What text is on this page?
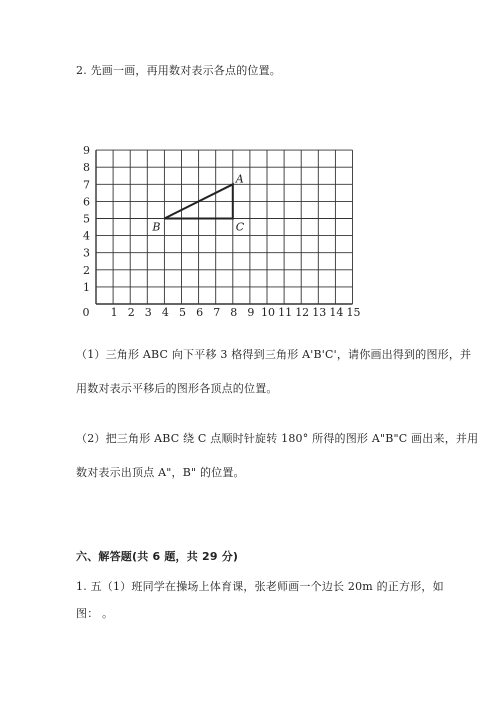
2. 先画一画，再用数对表示各点的位置。
0 1 2 3 4 5 6 7 8 9 10 11 12 13 14 15
1
2
3
4
5
6
7
8
9
A
B	C
（1）三角形 ABC 向下平移 3 格得到三角形 A'B'C'，请你画出得到的图形，并
用数对表示平移后的图形各顶点的位置。
（2）把三角形 ABC 绕 C 点顺时针旋转 180° 所得的图形 A"B"C 画出来，并用
数对表示出顶点 A"，B" 的位置。
六、解答题(共 6 题，共 29 分)
1. 五（1）班同学在操场上体育课，张老师画一个边长 20m 的正方形，如
图： 。
